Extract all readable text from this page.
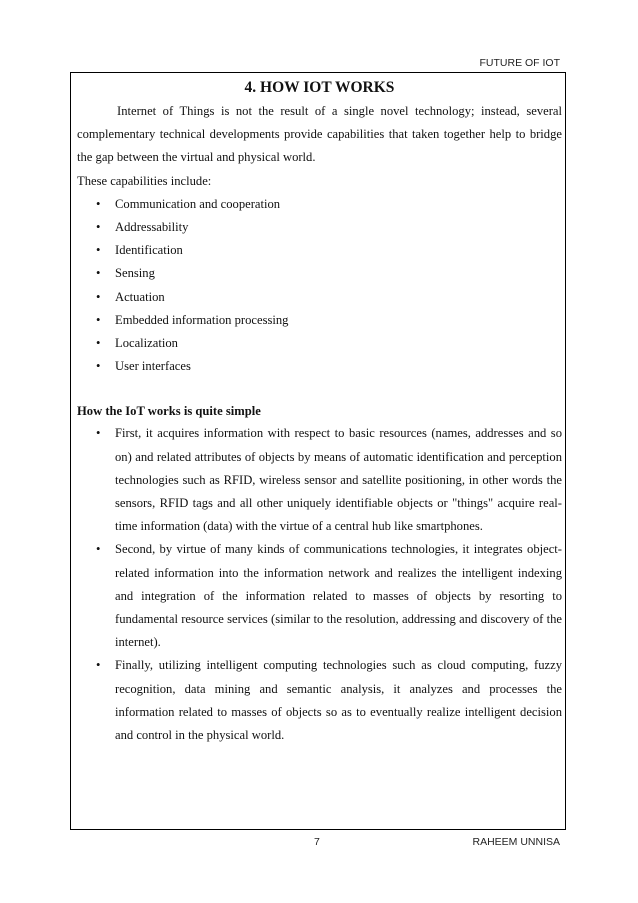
FUTURE OF IOT
4. HOW IOT WORKS

Internet of Things is not the result of a single novel technology; instead, several complementary technical developments provide capabilities that taken together help to bridge the gap between the virtual and physical world.

These capabilities include:

• Communication and cooperation
• Addressability
• Identification
• Sensing
• Actuation
• Embedded information processing
• Localization
• User interfaces
How the IoT works is quite simple
• First, it acquires information with respect to basic resources (names, addresses and so on) and related attributes of objects by means of automatic identification and perception technologies such as RFID, wireless sensor and satellite positioning, in other words the sensors, RFID tags and all other uniquely identifiable objects or "things" acquire real-time information (data) with the virtue of a central hub like smartphones.
• Second, by virtue of many kinds of communications technologies, it integrates object-related information into the information network and realizes the intelligent indexing and integration of the information related to masses of objects by resorting to fundamental resource services (similar to the resolution, addressing and discovery of the internet).
• Finally, utilizing intelligent computing technologies such as cloud computing, fuzzy recognition, data mining and semantic analysis, it analyzes and processes the information related to masses of objects so as to eventually realize intelligent decision and control in the physical world.
7	RAHEEM UNNISA
